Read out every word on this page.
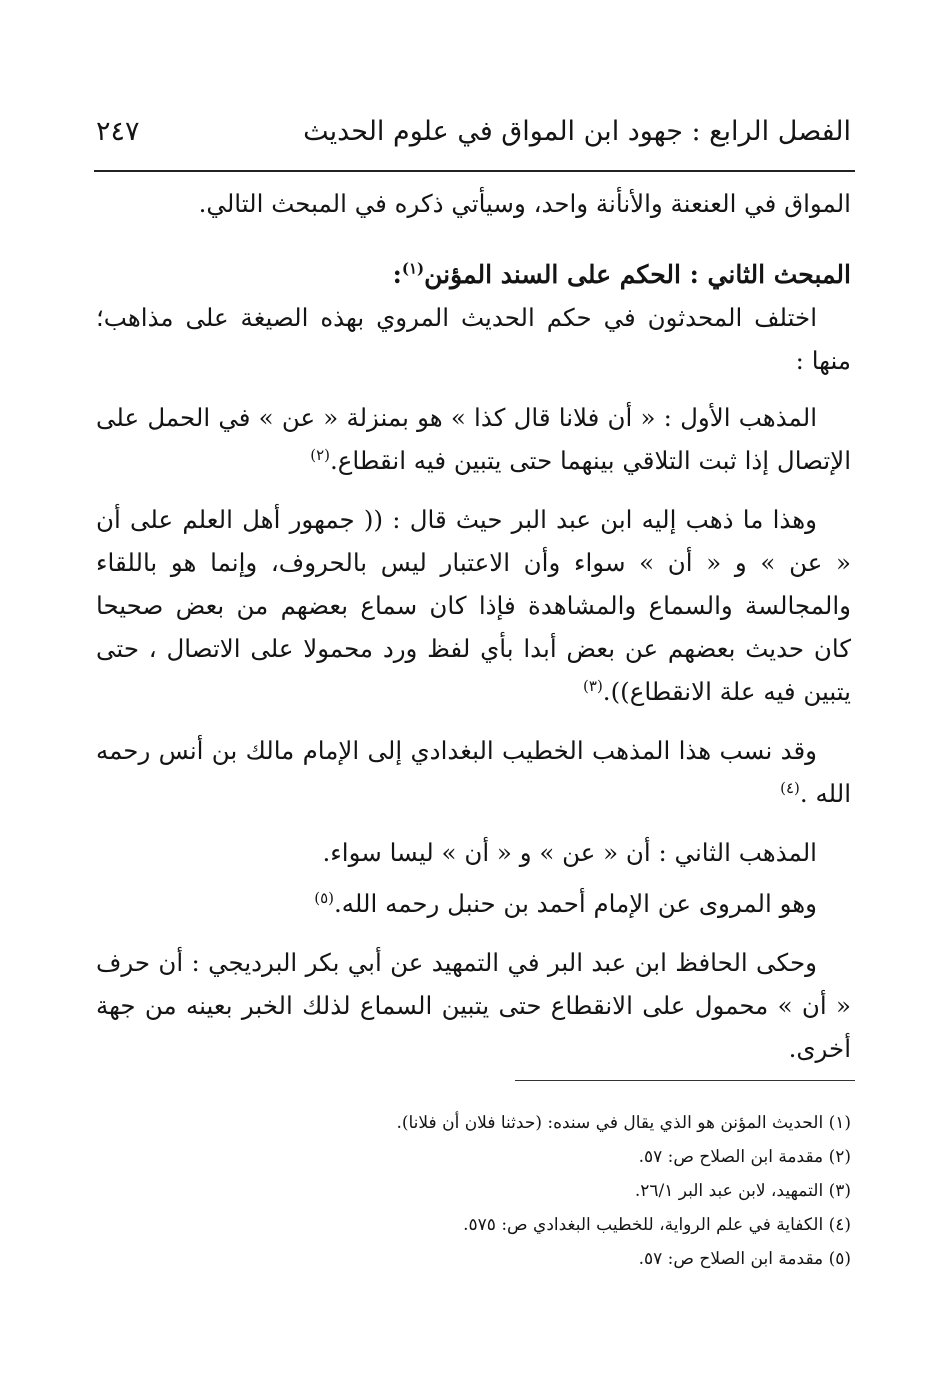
الفصل الرابع : جهود ابن المواق في علوم الحديث
٢٤٧

المواق في العنعنة والأنأنة واحد، وسيأتي ذكره في المبحث التالي.

المبحث الثاني : الحكم على السند المؤنن$^{(١)}$:

اختلف المحدثون في حكم الحديث المروي بهذه الصيغة على مذاهب؛ منها :

المذهب الأول : « أن فلانا قال كذا » هو بمنزلة « عن » في الحمل على الإتصال إذا ثبت التلاقي بينهما حتى يتبين فيه انقطاع.$^{(٢)}$

وهذا ما ذهب إليه ابن عبد البر حيث قال : (( جمهور أهل العلم على أن « عن » و « أن » سواء وأن الاعتبار ليس بالحروف، وإنما هو باللقاء والمجالسة والسماع والمشاهدة فإذا كان سماع بعضهم من بعض صحيحا كان حديث بعضهم عن بعض أبدا بأي لفظ ورد محمولا على الاتصال ، حتى يتبين فيه علة الانقطاع)).$^{(٣)}$

وقد نسب هذا المذهب الخطيب البغدادي إلى الإمام مالك بن أنس رحمه الله .$^{(٤)}$

المذهب الثاني : أن « عن » و « أن » ليسا سواء.

وهو المروى عن الإمام أحمد بن حنبل رحمه الله.$^{(٥)}$

وحكى الحافظ ابن عبد البر في التمهيد عن أبي بكر البرديجي : أن حرف « أن » محمول على الانقطاع حتى يتبين السماع لذلك الخبر بعينه من جهة أخرى.

(١) الحديث المؤنن هو الذي يقال في سنده: (حدثنا فلان أن فلانا).
(٢) مقدمة ابن الصلاح ص: ٥٧.
(٣) التمهيد، لابن عبد البر ٢٦/١.
(٤) الكفاية في علم الرواية، للخطيب البغدادي ص: ٥٧٥.
(٥) مقدمة ابن الصلاح ص: ٥٧.
